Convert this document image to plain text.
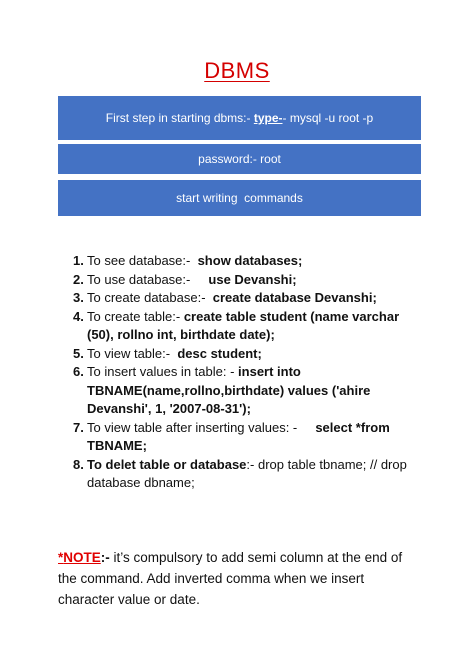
DBMS
First step in starting dbms:- type-- mysql -u root -p
password:- root
start writing  commands
1. To see database:-  show databases;
2. To use database:-     use Devanshi;
3. To create database:-  create database Devanshi;
4. To create table:- create table student (name varchar (50), rollno int, birthdate date);
5. To view table:-  desc student;
6. To insert values in table: - insert into TBNAME(name,rollno,birthdate) values ('ahire Devanshi', 1, '2007-08-31');
7. To view table after inserting values: -     select *from TBNAME;
8. To delet table or database:- drop table tbname; // drop database dbname;
*NOTE:- it’s compulsory to add semi column at the end of the command. Add inverted comma when we insert character value or date.
